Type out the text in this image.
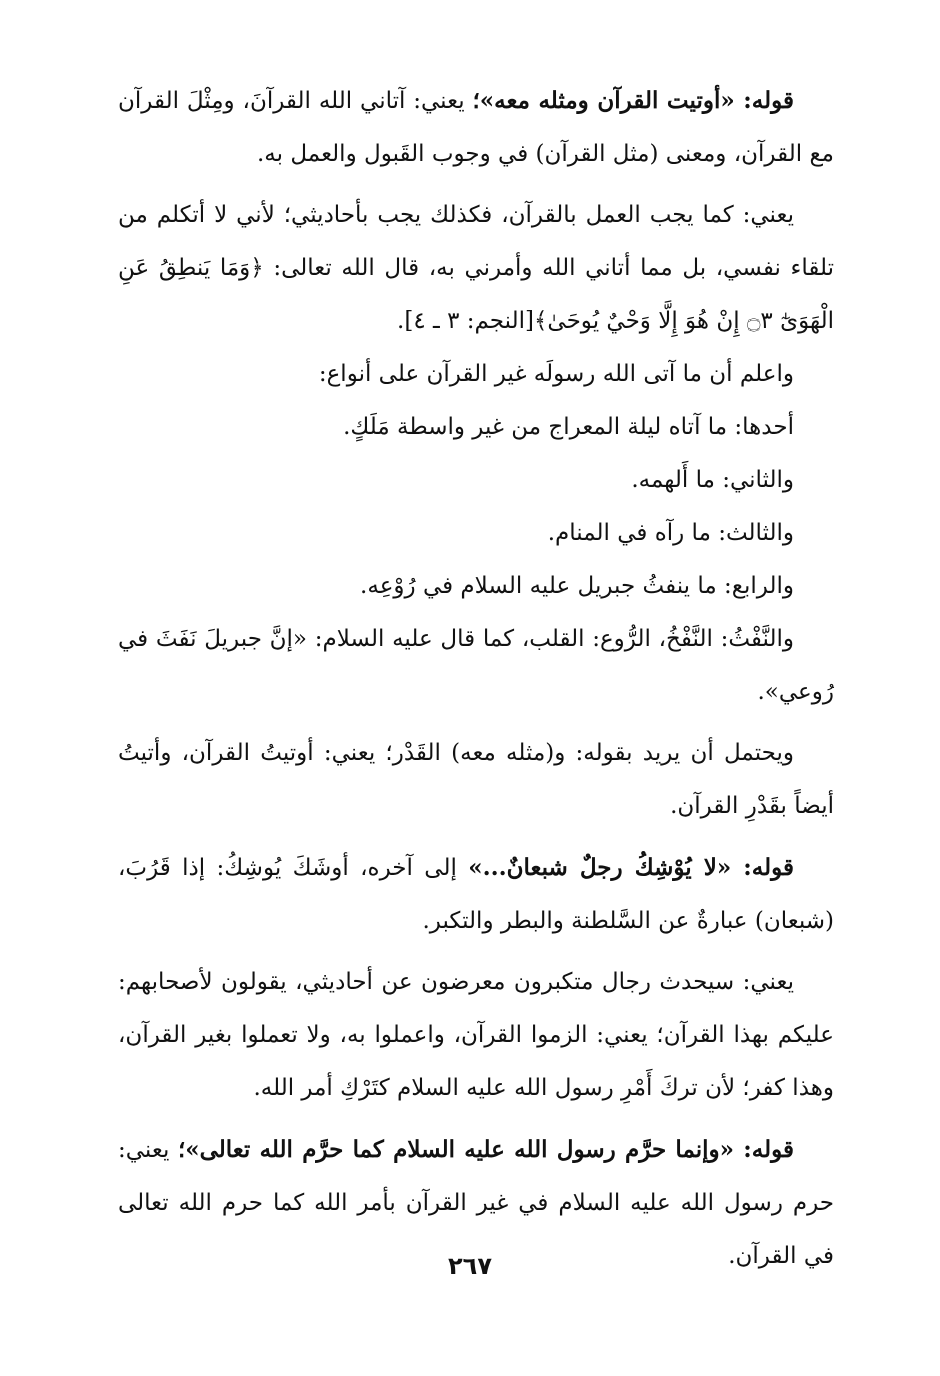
قوله: «أوتيت القرآن ومثله معه»؛ يعني: آتاني الله القرآنَ، ومِثْلَ القرآن مع القرآن، ومعنى (مثل القرآن) في وجوب القَبول والعمل به.

يعني: كما يجب العمل بالقرآن، فكذلك يجب بأحاديثي؛ لأني لا أتكلم من تلقاء نفسي، بل مما أتاني الله وأمرني به، قال الله تعالى: ﴿وَمَا يَنطِقُ عَنِ الْهَوَىٰٓ ۝٣ إِنْ هُوَ إِلَّا وَحْيٌ يُوحَىٰ﴾[النجم: ٣ ـ ٤].

واعلم أن ما آتى الله رسولَه غير القرآن على أنواع:

أحدها: ما آتاه ليلة المعراج من غير واسطة مَلَكٍ.

والثاني: ما أَلهمه.

والثالث: ما رآه في المنام.

والرابع: ما ينفثُ جبريل عليه السلام في رُوْعِه.

والنَّفْثُ: النَّفْخُ، الرُّوع: القلب، كما قال عليه السلام: «إنَّ جبريلَ نَفَثَ في رُوعي».

ويحتمل أن يريد بقوله: و(مثله معه) القَدْر؛ يعني: أوتيتُ القرآن، وأتيتُ أيضاً بقَدْرِ القرآن.

قوله: «لا يُوْشِكُ رجلٌ شبعانٌ...» إلى آخره، أوشَكَ يُوشِكُ: إذا قَرُبَ، (شبعان) عبارةٌ عن السَّلطنة والبطر والتكبر.

يعني: سيحدث رجال متكبرون معرضون عن أحاديثي، يقولون لأصحابهم: عليكم بهذا القرآن؛ يعني: الزموا القرآن، واعملوا به، ولا تعملوا بغير القرآن، وهذا كفر؛ لأن تركَ أَمْرِ رسول الله عليه السلام كتَرْكِ أمر الله.

قوله: «وإنما حرَّم رسول الله عليه السلام كما حرَّم الله تعالى»؛ يعني: حرم رسول الله عليه السلام في غير القرآن بأمر الله كما حرم الله تعالى في القرآن.

٢٦٧
